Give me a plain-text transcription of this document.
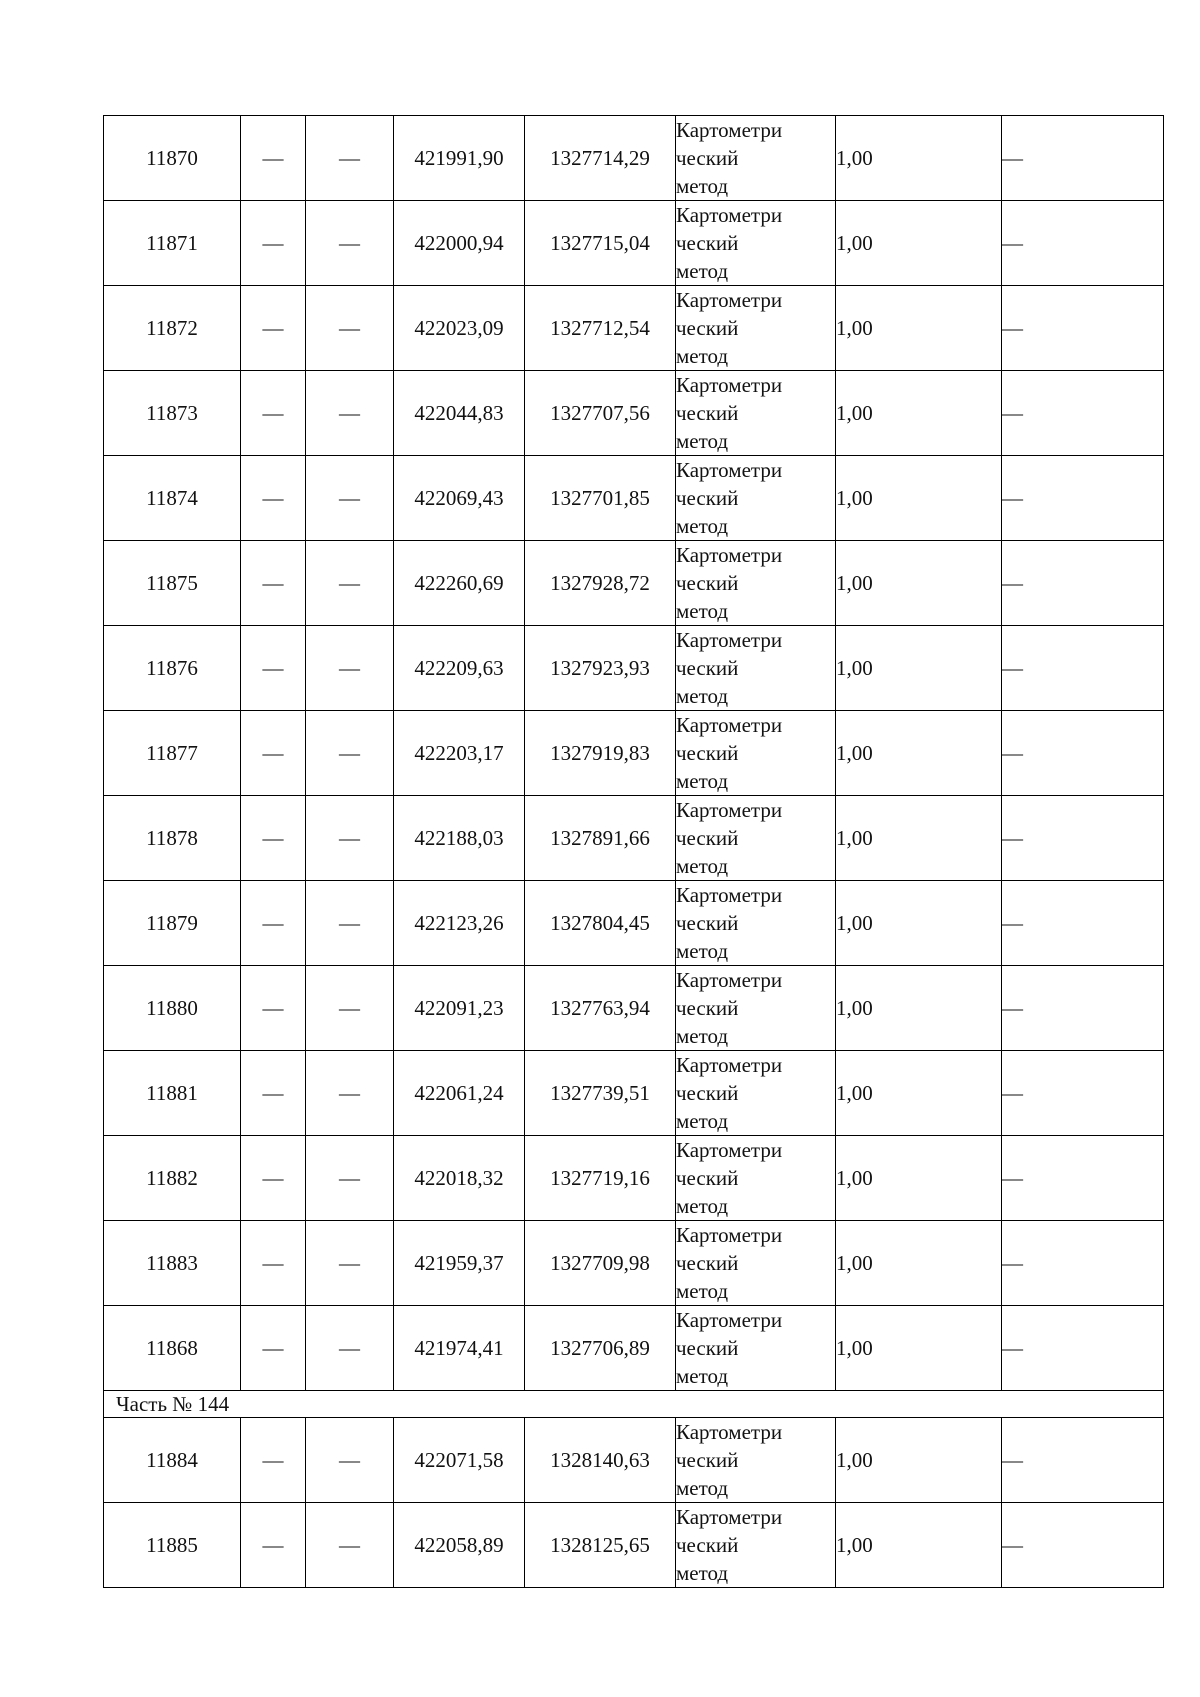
11870	—	—	421991,90	1327714,29	Картометри
ческий
метод	1,00	—
11871	—	—	422000,94	1327715,04	Картометри
ческий
метод	1,00	—
11872	—	—	422023,09	1327712,54	Картометри
ческий
метод	1,00	—
11873	—	—	422044,83	1327707,56	Картометри
ческий
метод	1,00	—
11874	—	—	422069,43	1327701,85	Картометри
ческий
метод	1,00	—
11875	—	—	422260,69	1327928,72	Картометри
ческий
метод	1,00	—
11876	—	—	422209,63	1327923,93	Картометри
ческий
метод	1,00	—
11877	—	—	422203,17	1327919,83	Картометри
ческий
метод	1,00	—
11878	—	—	422188,03	1327891,66	Картометри
ческий
метод	1,00	—
11879	—	—	422123,26	1327804,45	Картометри
ческий
метод	1,00	—
11880	—	—	422091,23	1327763,94	Картометри
ческий
метод	1,00	—
11881	—	—	422061,24	1327739,51	Картометри
ческий
метод	1,00	—
11882	—	—	422018,32	1327719,16	Картометри
ческий
метод	1,00	—
11883	—	—	421959,37	1327709,98	Картометри
ческий
метод	1,00	—
11868	—	—	421974,41	1327706,89	Картометри
ческий
метод	1,00	—
Часть № 144							
11884	—	—	422071,58	1328140,63	Картометри
ческий
метод	1,00	—
11885	—	—	422058,89	1328125,65	Картометри
ческий
метод	1,00	—
